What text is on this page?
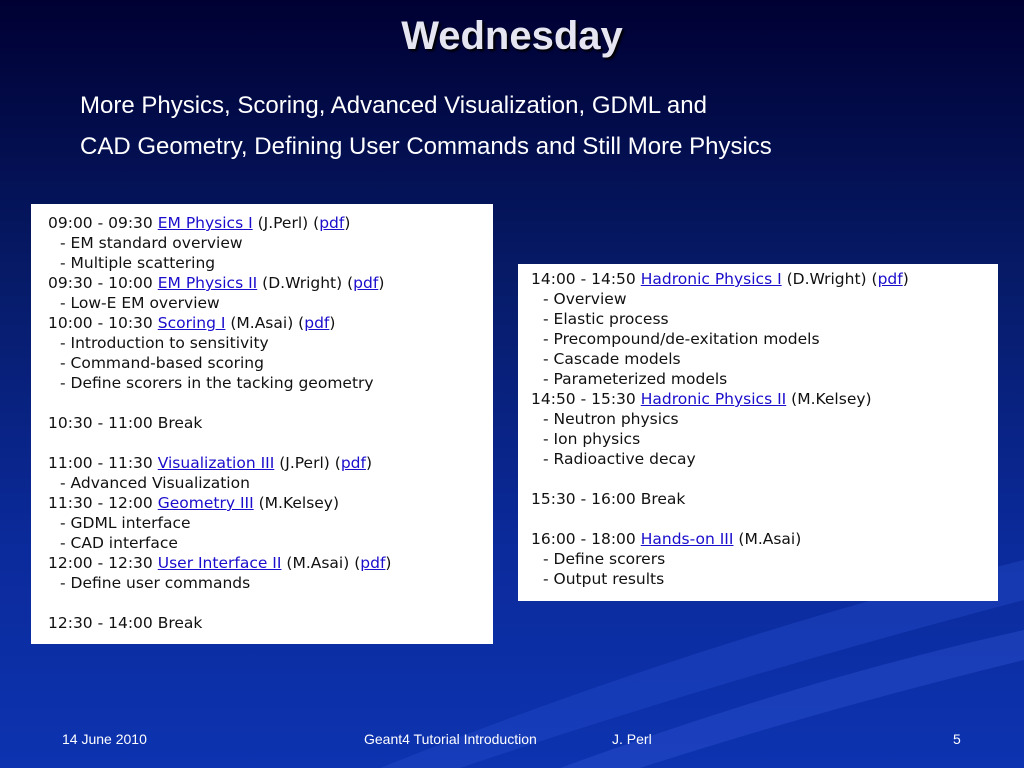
Wednesday
More Physics, Scoring, Advanced Visualization, GDML and
CAD Geometry, Defining User Commands and Still More Physics
09:00 - 09:30 EM Physics I (J.Perl) (pdf)
- EM standard overview
- Multiple scattering
09:30 - 10:00 EM Physics II (D.Wright) (pdf)
- Low-E EM overview
10:00 - 10:30 Scoring I (M.Asai) (pdf)
- Introduction to sensitivity
- Command-based scoring
- Define scorers in the tacking geometry
10:30 - 11:00 Break
11:00 - 11:30 Visualization III (J.Perl) (pdf)
- Advanced Visualization
11:30 - 12:00 Geometry III (M.Kelsey)
- GDML interface
- CAD interface
12:00 - 12:30 User Interface II (M.Asai) (pdf)
- Define user commands
12:30 - 14:00 Break
14:00 - 14:50 Hadronic Physics I (D.Wright) (pdf)
- Overview
- Elastic process
- Precompound/de-exitation models
- Cascade models
- Parameterized models
14:50 - 15:30 Hadronic Physics II (M.Kelsey)
- Neutron physics
- Ion physics
- Radioactive decay
15:30 - 16:00 Break
16:00 - 18:00 Hands-on III (M.Asai)
- Define scorers
- Output results
14 June 2010	Geant4 Tutorial Introduction	J. Perl	5
